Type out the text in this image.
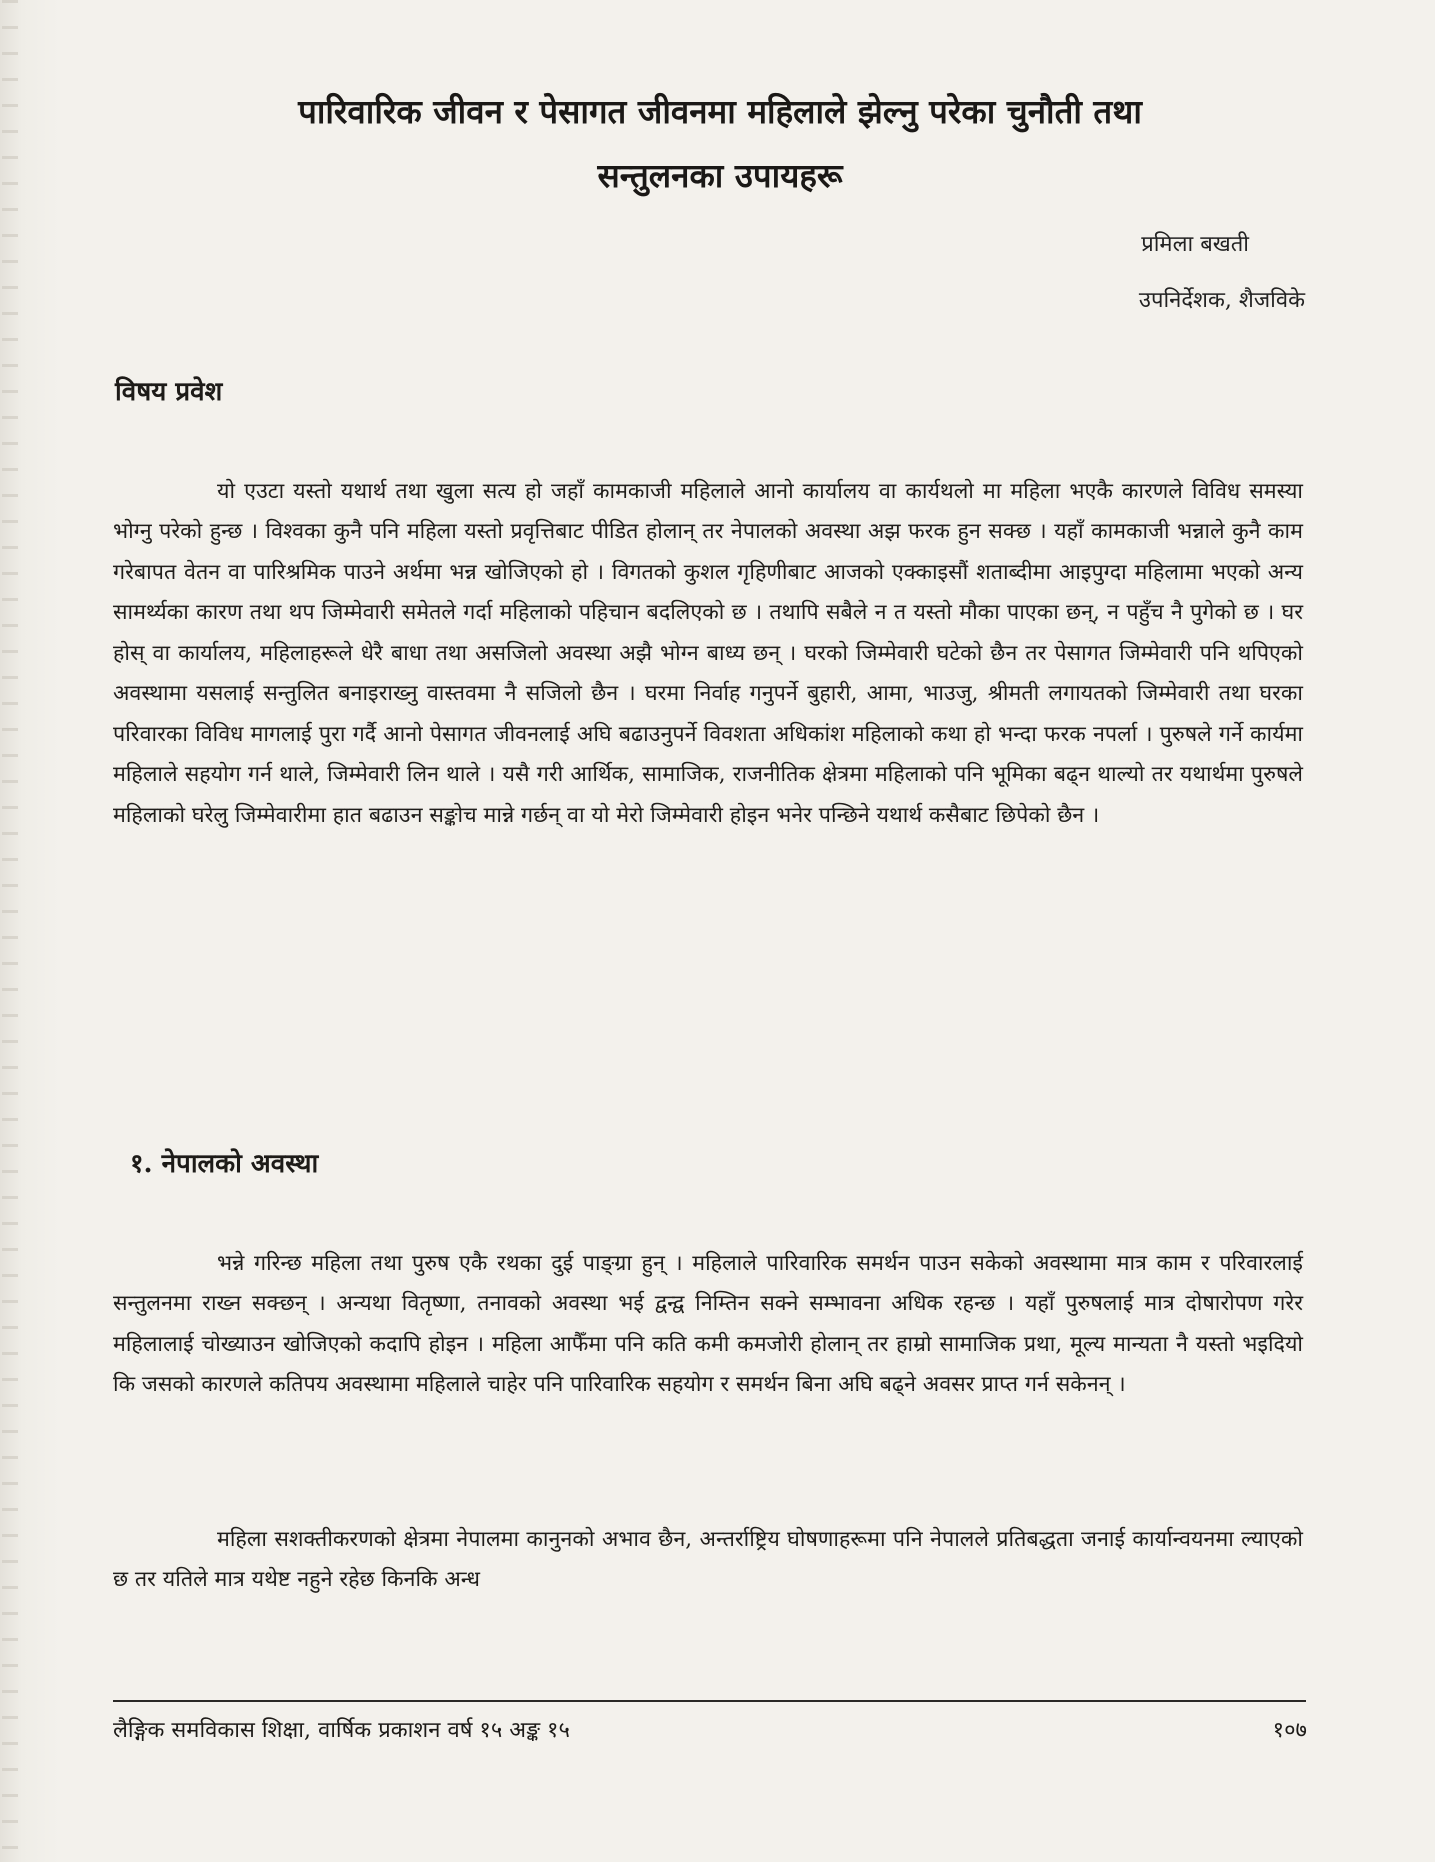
पारिवारिक जीवन र पेसागत जीवनमा महिलाले झेल्नु परेका चुनौती तथा
सन्तुलनका उपायहरू
प्रमिला बखती
उपनिर्देशक, शैजविके
विषय प्रवेश

यो एउटा यस्तो यथार्थ तथा खुला सत्य हो जहाँ कामकाजी महिलाले आनो कार्यालय वा कार्यथलो मा महिला भएकै कारणले विविध समस्या भोग्नु परेको हुन्छ । विश्वका कुनै पनि महिला यस्तो प्रवृत्तिबाट पीडित होलान् तर नेपालको अवस्था अझ फरक हुन सक्छ । यहाँ कामकाजी भन्नाले कुनै काम गरेबापत वेतन वा पारिश्रमिक पाउने अर्थमा भन्न खोजिएको हो । विगतको कुशल गृहिणीबाट आजको एक्काइसौं शताब्दीमा आइपुग्दा महिलामा भएको अन्य सामर्थ्यका कारण तथा थप जिम्मेवारी समेतले गर्दा महिलाको पहिचान बदलिएको छ । तथापि सबैले न त यस्तो मौका पाएका छन्, न पहुँच नै पुगेको छ । घर होस् वा कार्यालय, महिलाहरूले धेरै बाधा तथा असजिलो अवस्था अझै भोग्न बाध्य छन् । घरको जिम्मेवारी घटेको छैन तर पेसागत जिम्मेवारी पनि थपिएको अवस्थामा यसलाई सन्तुलित बनाइराख्नु वास्तवमा नै सजिलो छैन । घरमा निर्वाह गनुपर्ने बुहारी, आमा, भाउजु, श्रीमती लगायतको जिम्मेवारी तथा घरका परिवारका विविध मागलाई पुरा गर्दै आनो पेसागत जीवनलाई अघि बढाउनुपर्ने विवशता अधिकांश महिलाको कथा हो भन्दा फरक नपर्ला । पुरुषले गर्ने कार्यमा महिलाले सहयोग गर्न थाले, जिम्मेवारी लिन थाले । यसै गरी आर्थिक, सामाजिक, राजनीतिक क्षेत्रमा महिलाको पनि भूमिका बढ्न थाल्यो तर यथार्थमा पुरुषले महिलाको घरेलु जिम्मेवारीमा हात बढाउन सङ्कोच मान्ने गर्छन् वा यो मेरो जिम्मेवारी होइन भनेर पन्छिने यथार्थ कसैबाट छिपेको छैन ।

१. नेपालको अवस्था

भन्ने गरिन्छ महिला तथा पुरुष एकै रथका दुई पाङ्ग्रा हुन् । महिलाले पारिवारिक समर्थन पाउन सकेको अवस्थामा मात्र काम र परिवारलाई सन्तुलनमा राख्न सक्छन् । अन्यथा वितृष्णा, तनावको अवस्था भई द्वन्द्व निम्तिन सक्ने सम्भावना अधिक रहन्छ । यहाँ पुरुषलाई मात्र दोषारोपण गरेर महिलालाई चोख्याउन खोजिएको कदापि होइन । महिला आफैँमा पनि कति कमी कमजोरी होलान् तर हाम्रो सामाजिक प्रथा, मूल्य मान्यता नै यस्तो भइदियो कि जसको कारणले कतिपय अवस्थामा महिलाले चाहेर पनि पारिवारिक सहयोग र समर्थन बिना अघि बढ्ने अवसर प्राप्त गर्न सकेनन् ।

महिला सशक्तीकरणको क्षेत्रमा नेपालमा कानुनको अभाव छैन, अन्तर्राष्ट्रिय घोषणाहरूमा पनि नेपालले प्रतिबद्धता जनाई कार्यान्वयनमा ल्याएको छ तर यतिले मात्र यथेष्ट नहुने रहेछ किनकि अन्ध

लैङ्गिक समविकास शिक्षा, वार्षिक प्रकाशन वर्ष १५ अङ्क १५	१०७
